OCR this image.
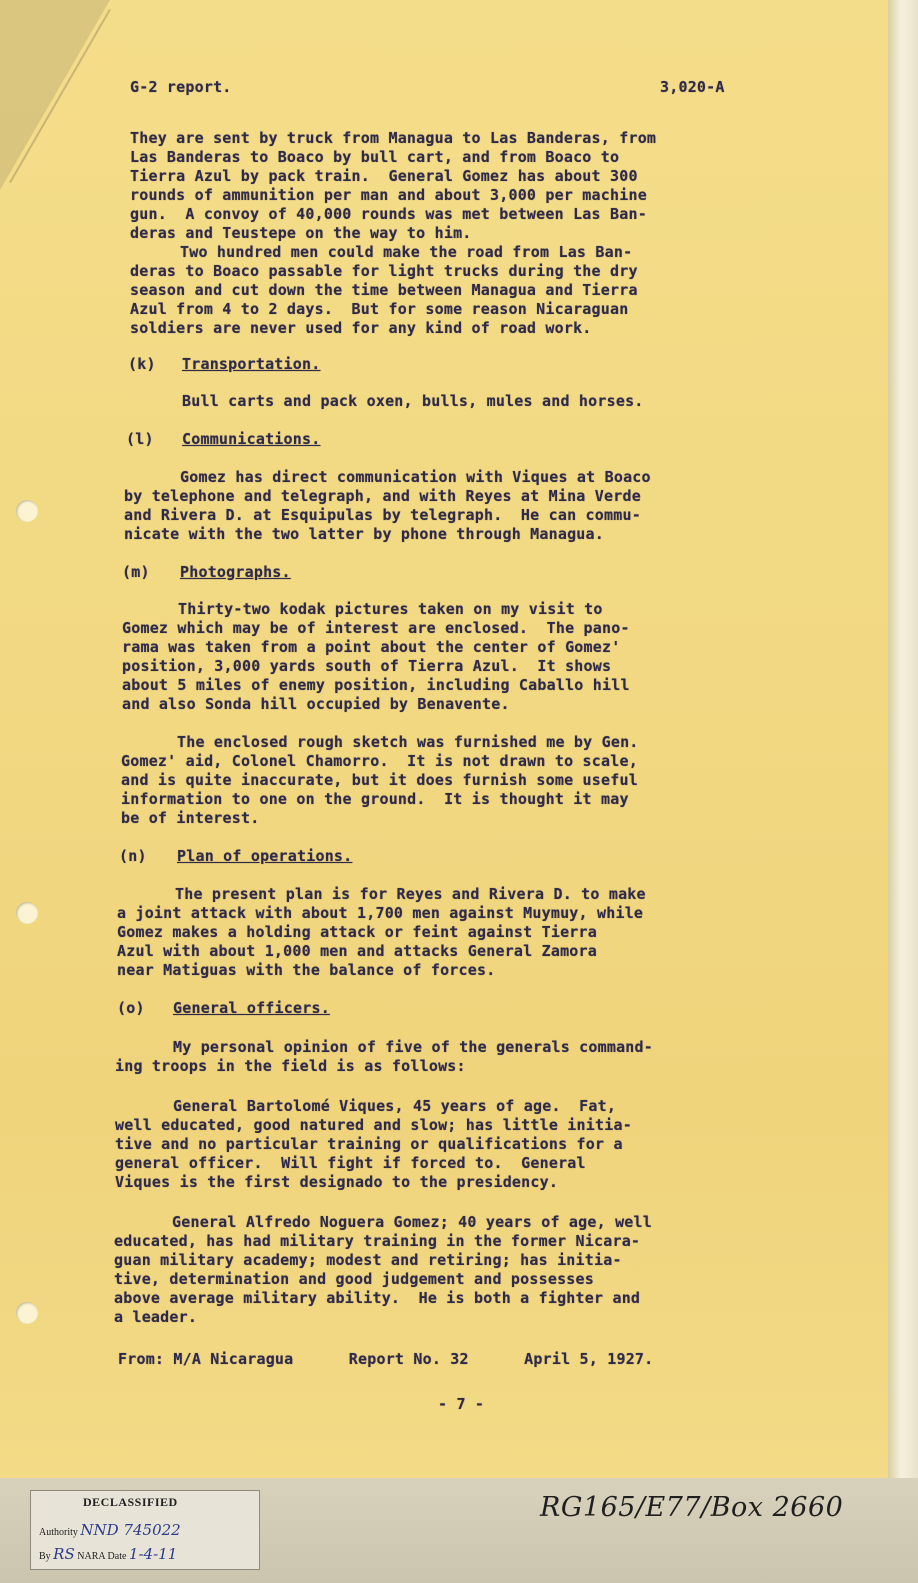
G-2 report.	3,020-A
They are sent by truck from Managua to Las Banderas, from
Las Banderas to Boaco by bull cart, and from Boaco to
Tierra Azul by pack train.  General Gomez has about 300
rounds of ammunition per man and about 3,000 per machine
gun.  A convoy of 40,000 rounds was met between Las Ban-
deras and Teustepe on the way to him.
Two hundred men could make the road from Las Ban-
deras to Boaco passable for light trucks during the dry
season and cut down the time between Managua and Tierra
Azul from 4 to 2 days.  But for some reason Nicaraguan
soldiers are never used for any kind of road work.
(k) Transportation.
Bull carts and pack oxen, bulls, mules and horses.
(l) Communications.
Gomez has direct communication with Viques at Boaco
by telephone and telegraph, and with Reyes at Mina Verde
and Rivera D. at Esquipulas by telegraph.  He can commu-
nicate with the two latter by phone through Managua.
(m) Photographs.
Thirty-two kodak pictures taken on my visit to
Gomez which may be of interest are enclosed.  The pano-
rama was taken from a point about the center of Gomez'
position, 3,000 yards south of Tierra Azul.  It shows
about 5 miles of enemy position, including Caballo hill
and also Sonda hill occupied by Benavente.
The enclosed rough sketch was furnished me by Gen.
Gomez' aid, Colonel Chamorro.  It is not drawn to scale,
and is quite inaccurate, but it does furnish some useful
information to one on the ground.  It is thought it may
be of interest.
(n) Plan of operations.
The present plan is for Reyes and Rivera D. to make
a joint attack with about 1,700 men against Muymuy, while
Gomez makes a holding attack or feint against Tierra
Azul with about 1,000 men and attacks General Zamora
near Matiguas with the balance of forces.
(o) General officers.
My personal opinion of five of the generals command-
ing troops in the field is as follows:
General Bartolomé Viques, 45 years of age.  Fat,
well educated, good natured and slow; has little initia-
tive and no particular training or qualifications for a
general officer.  Will fight if forced to.  General
Viques is the first designado to the presidency.
General Alfredo Noguera Gomez; 40 years of age, well
educated, has had military training in the former Nicara-
guan military academy; modest and retiring; has initia-
tive, determination and good judgement and possesses
above average military ability.  He is both a fighter and
a leader.
From: M/A Nicaragua      Report No. 32      April 5, 1927.
- 7 -
DECLASSIFIED
Authority NND 745022
By RS NARA Date 1-4-11
RG165/E77/Box 2660
